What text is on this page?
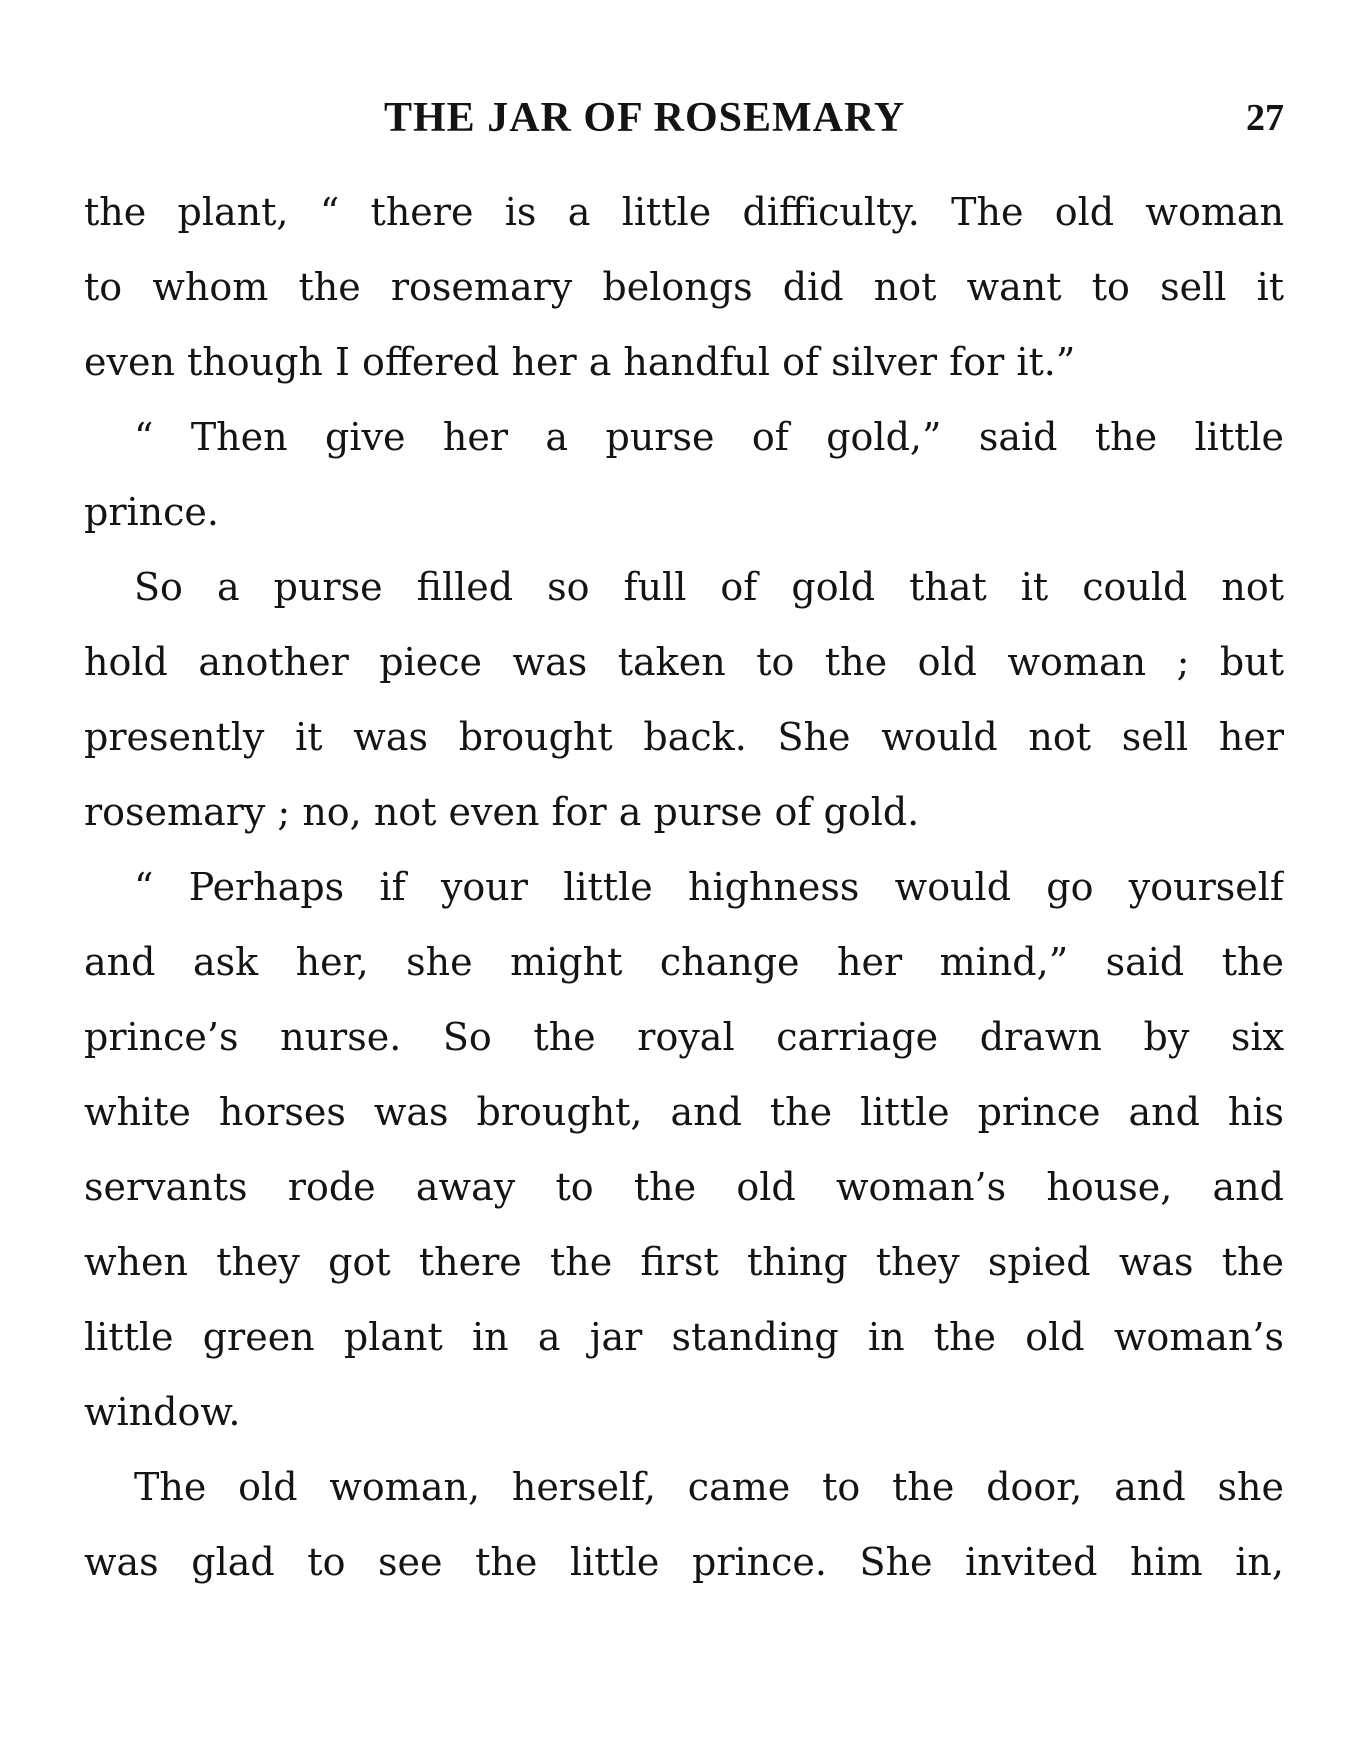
THE JAR OF ROSEMARY	27
the plant, “ there is a little difficulty. The old woman
to whom the rosemary belongs did not want to sell it
even though I offered her a handful of silver for it.”
“ Then give her a purse of gold,” said the little
prince.
So a purse filled so full of gold that it could not
hold another piece was taken to the old woman ; but
presently it was brought back. She would not sell her
rosemary ; no, not even for a purse of gold.
“ Perhaps if your little highness would go yourself
and ask her, she might change her mind,” said the
prince’s nurse. So the royal carriage drawn by six
white horses was brought, and the little prince and his
servants rode away to the old woman’s house, and
when they got there the first thing they spied was the
little green plant in a jar standing in the old woman’s
window.
The old woman, herself, came to the door, and she
was glad to see the little prince. She invited him in,
